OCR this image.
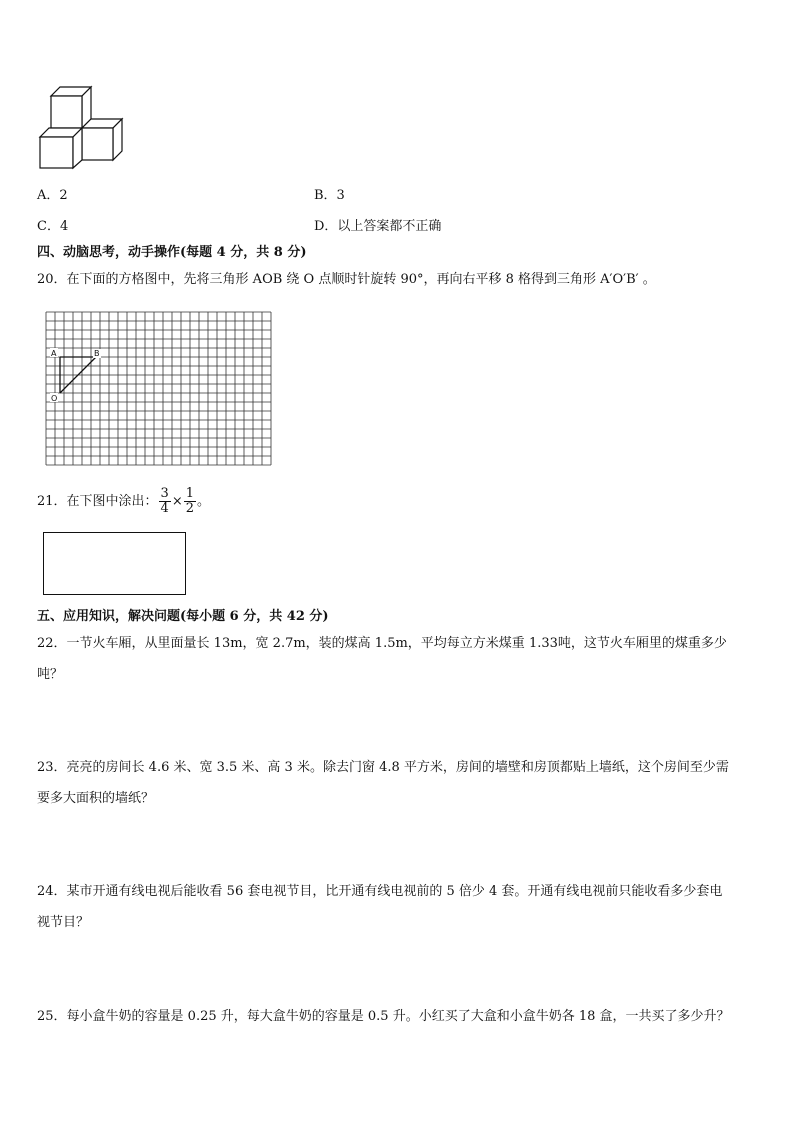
A．2	B．3
C．4	D．以上答案都不正确
四、动脑思考，动手操作(每题 4 分，共 8 分)
20．在下面的方格图中，先将三角形 AOB 绕 O 点顺时针旋转 90°，再向右平移 8 格得到三角形 A′O′B′ 。
A	B
O
21．在下图中涂出： $\frac{3}{4} \times \frac{1}{2}$ 。
五、应用知识，解决问题(每小题 6 分，共 42 分)
22．一节火车厢，从里面量长 13m，宽 2.7m，装的煤高 1.5m，平均每立方米煤重 1.33吨，这节火车厢里的煤重多少
吨？
23．亮亮的房间长 4.6 米、宽 3.5 米、高 3 米。除去门窗 4.8 平方米，房间的墙壁和房顶都贴上墙纸，这个房间至少需
要多大面积的墙纸？
24．某市开通有线电视后能收看 56 套电视节目，比开通有线电视前的 5 倍少 4 套。开通有线电视前只能收看多少套电
视节目？
25．每小盒牛奶的容量是 0.25 升，每大盒牛奶的容量是 0.5 升。小红买了大盒和小盒牛奶各 18 盒，一共买了多少升？
